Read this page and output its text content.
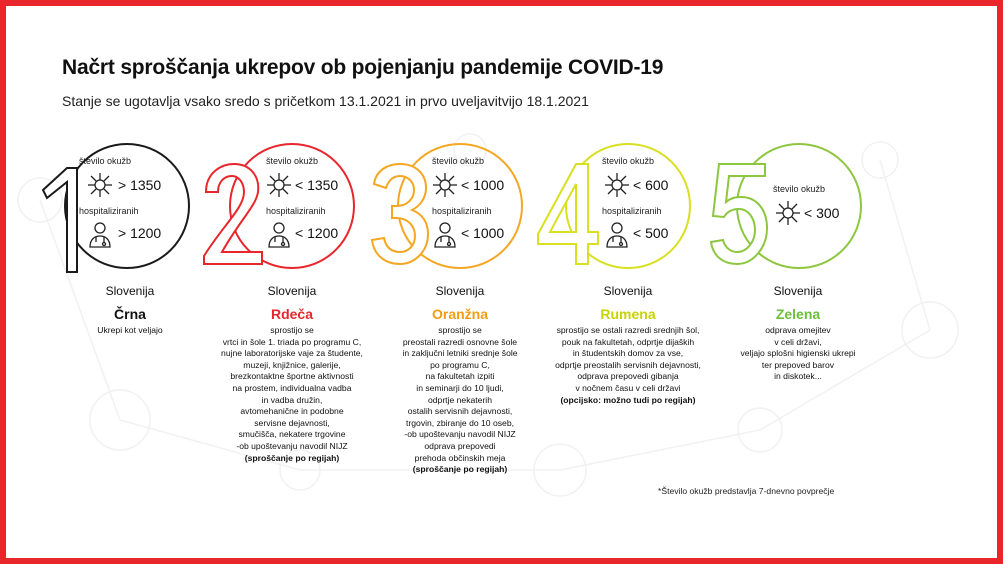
Načrt sproščanja ukrepov ob pojenjanju pandemije COVID-19
Stanje se ugotavlja vsako sredo s pričetkom 13.1.2021 in prvo uveljavitvijo 18.1.2021
število okužb
> 1350
hospitaliziranih
> 1200
število okužb
< 1350
hospitaliziranih
< 1200
število okužb
< 1000
hospitaliziranih
< 1000
število okužb
< 600
hospitaliziranih
< 500
število okužb
< 300
Slovenija	Slovenija	Slovenija	Slovenija	Slovenija
Črna	Rdeča	Oranžna	Rumena	Zelena
Ukrepi kot veljajo	sprostijo se
vrtci in šole 1. triada po programu C,
nujne laboratorijske vaje za študente,
muzeji, knjižnice, galerije,
brezkontaktne športne aktivnosti
na prostem, individualna vadba
in vadba družin,
avtomehanične in podobne
servisne dejavnosti,
smučišča, nekatere trgovine
-ob upoštevanju navodil NIJZ
(sproščanje po regijah)
sprostijo se
preostali razredi osnovne šole
in zaključni letniki srednje šole
po programu C,
na fakultetah izpiti
in seminarji do 10 ljudi,
odprtje nekaterih
ostalih servisnih dejavnosti,
trgovin, zbiranje do 10 oseb,
-ob upoštevanju navodil NIJZ
odprava prepovedi
prehoda občinskih meja
(sproščanje po regijah)
sprostijo se ostali razredi srednjih šol,
pouk na fakultetah, odprtje dijaških
in študentskih domov za vse,
odprtje preostalih servisnih dejavnosti,
odprava prepovedi gibanja
v nočnem času v celi državi
(opcijsko: možno tudi po regijah)
odprava omejitev
v celi državi,
veljajo splošni higienski ukrepi
ter prepoved barov
in diskotek...
*Število okužb predstavlja 7-dnevno povprečje
